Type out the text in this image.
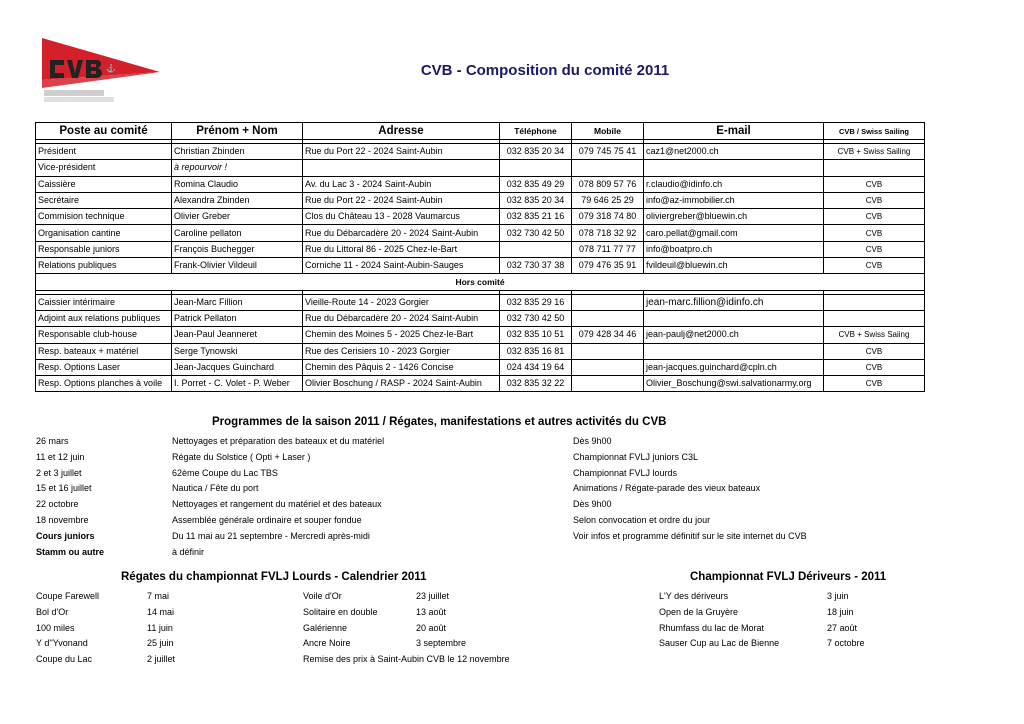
⚓	CVB - Composition du comité 2011
Poste au comité	Prénom + Nom	Adresse	Téléphone	Mobile	E-mail	CVB / Swiss Sailing

Président	Christian Zbinden	Rue du Port 22 - 2024 Saint-Aubin	032 835 20 34	079 745 75 41	caz1@net2000.ch	CVB + Swiss Sailing
Vice-président	à repourvoir !					
Caissière	Romina Claudio	Av. du Lac 3 - 2024 Saint-Aubin	032 835 49 29	078 809 57 76	r.claudio@idinfo.ch	CVB
Secrétaire	Alexandra Zbinden	Rue du Port 22 - 2024 Saint-Aubin	032 835 20 34	79 646 25 29	info@az-immobilier.ch	CVB
Commision technique	Olivier Greber	Clos du Château 13 - 2028 Vaumarcus	032 835 21 16	079 318 74 80	oliviergreber@bluewin.ch	CVB
Organisation cantine	Caroline pellaton	Rue du Débarcadère 20 - 2024 Saint-Aubin	032 730 42 50	078 718 32 92	caro.pellat@gmail.com	CVB
Responsable juniors	François Buchegger	Rue du Littoral 86 - 2025 Chez-le-Bart		078 711 77 77	info@boatpro.ch	CVB
Relations publiques	Frank-Olivier Vildeuil	Corniche 11 - 2024 Saint-Aubin-Sauges	032 730 37 38	079 476 35 91	fvildeuil@bluewin.ch	CVB
Hors comité						

Caissier intérimaire	Jean-Marc Fillion	Vieille-Route 14 - 2023 Gorgier	032 835 29 16		jean-marc.fillion@idinfo.ch	
Adjoint aux relations publiques	Patrick Pellaton	Rue du Débarcadère 20 - 2024 Saint-Aubin	032 730 42 50			
Responsable club-house	Jean-Paul Jeanneret	Chemin des Moines 5 - 2025 Chez-le-Bart	032 835 10 51	079 428 34 46	jean-paulj@net2000.ch	CVB + Swiss Saiing
Resp. bateaux + matériel	Serge Tynowski	Rue des Cerisiers 10 - 2023 Gorgier	032 835 16 81			CVB
Resp. Options Laser	Jean-Jacques Guinchard	Chemin des Pâquis 2 - 1426 Concise	024 434 19 64		jean-jacques.guinchard@cpln.ch	CVB
Resp. Options planches à voile	I. Porret - C. Volet - P. Weber	Olivier Boschung / RASP - 2024 Saint-Aubin	032 835 32 22		Olivier_Boschung@swi.salvationarmy.org	CVB
Programmes de la saison 2011 / Régates, manifestations et autres activités du CVB
26 mars	Nettoyages et préparation des bateaux et du matériel	Dès 9h00
11 et 12 juin	Régate du Solstice ( Opti + Laser )	Championnat FVLJ juniors C3L
2 et 3 juillet	62ème Coupe du Lac TBS	Championnat FVLJ lourds
15 et 16 juillet	Nautica / Fête du port	Animations / Régate-parade des vieux bateaux
22 octobre	Nettoyages et rangement du matériel et des bateaux	Dès 9h00
18 novembre	Assemblée générale ordinaire et souper fondue	Selon convocation et ordre du jour
Cours juniors	Du 11 mai au 21 septembre - Mercredi après-midi	Voir infos et programme définitif sur le site internet du CVB
Stamm ou autre	à définir
Régates du championnat FVLJ Lourds - Calendrier 2011	Championnat FVLJ Dériveurs - 2011
Coupe Farewell	7 mai
Bol d'Or	14 mai
100 miles	11 juin
Y d''Yvonand	25 juin
Coupe du Lac	2 juillet
Voile d'Or	23 juillet
Solitaire en double	13 août
Galérienne	20 août
Ancre Noire	3 septembre
Remise des prix à Saint-Aubin CVB le 12 novembre
L'Y des dériveurs	3 juin
Open de la Gruyère	18 juin
Rhumfass du lac de Morat	27 août
Sauser Cup au Lac de Bienne	7 octobre
